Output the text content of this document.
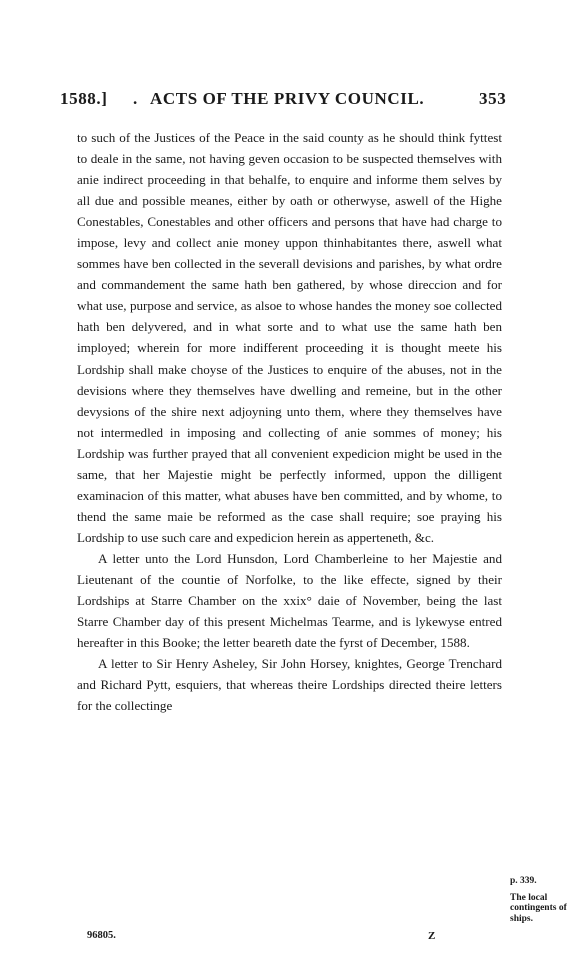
1588.] . ACTS OF THE PRIVY COUNCIL.	353

to such of the Justices of the Peace in the said county as he should think fyttest to deale in the same, not having geven occasion to be suspected themselves with anie indirect proceeding in that behalfe, to enquire and informe them selves by all due and possible meanes, either by oath or otherwyse, aswell of the Highe Conestables, Conestables and other officers and persons that have had charge to impose, levy and collect anie money uppon thinhabitantes there, aswell what sommes have ben collected in the severall devisions and parishes, by what ordre and commandement the same hath ben gathered, by whose direccion and for what use, purpose and service, as alsoe to whose handes the money soe collected hath ben delyvered, and in what sorte and to what use the same hath ben imployed; wherein for more indifferent proceeding it is thought meete his Lordship shall make choyse of the Justices to enquire of the abuses, not in the devisions where they themselves have dwelling and remeine, but in the other devysions of the shire next adjoyning unto them, where they themselves have not intermedled in imposing and collecting of anie sommes of money; his Lordship was further prayed that all convenient expedicion might be used in the same, that her Majestie might be perfectly informed, uppon the dilligent examinacion of this matter, what abuses have ben committed, and by whome, to thend the same maie be reformed as the case shall require; soe praying his Lordship to use such care and expedicion herein as apperteneth, &c.

A letter unto the Lord Hunsdon, Lord Chamberleine to her Majestie and Lieutenant of the countie of Norfolke, to the like effecte, signed by their Lordships at Starre Chamber on the xxix° daie of November, being the last Starre Chamber day of this present Michelmas Tearme, and is lykewyse entred hereafter in this Booke; the letter beareth date the fyrst of December, 1588.

A letter to Sir Henry Asheley, Sir John Horsey, knightes, George Trenchard and Richard Pytt, esquiers, that whereas theire Lordships directed theire letters for the collectinge

p. 339.
The local contingents of ships.
96805.	Z
